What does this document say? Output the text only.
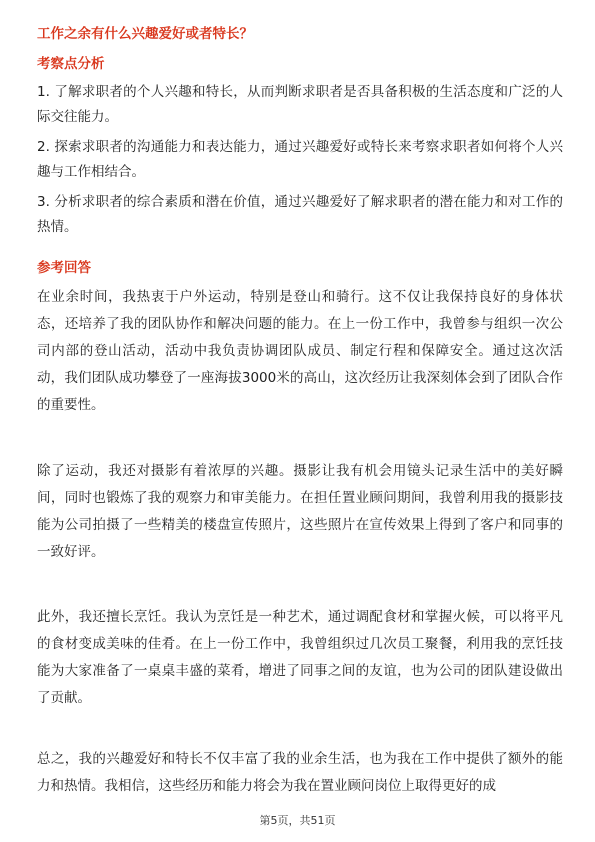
工作之余有什么兴趣爱好或者特长？
考察点分析
1. 了解求职者的个人兴趣和特长，从而判断求职者是否具备积极的生活态度和广泛的人际交往能力。
2. 探索求职者的沟通能力和表达能力，通过兴趣爱好或特长来考察求职者如何将个人兴趣与工作相结合。
3. 分析求职者的综合素质和潜在价值，通过兴趣爱好了解求职者的潜在能力和对工作的热情。
参考回答

在业余时间，我热衷于户外运动，特别是登山和骑行。这不仅让我保持良好的身体状态，还培养了我的团队协作和解决问题的能力。在上一份工作中，我曾参与组织一次公司内部的登山活动，活动中我负责协调团队成员、制定行程和保障安全。通过这次活动，我们团队成功攀登了一座海拔3000米的高山，这次经历让我深刻体会到了团队合作的重要性。

除了运动，我还对摄影有着浓厚的兴趣。摄影让我有机会用镜头记录生活中的美好瞬间，同时也锻炼了我的观察力和审美能力。在担任置业顾问期间，我曾利用我的摄影技能为公司拍摄了一些精美的楼盘宣传照片，这些照片在宣传效果上得到了客户和同事的一致好评。

此外，我还擅长烹饪。我认为烹饪是一种艺术，通过调配食材和掌握火候，可以将平凡的食材变成美味的佳肴。在上一份工作中，我曾组织过几次员工聚餐，利用我的烹饪技能为大家准备了一桌桌丰盛的菜肴，增进了同事之间的友谊，也为公司的团队建设做出了贡献。

总之，我的兴趣爱好和特长不仅丰富了我的业余生活，也为我在工作中提供了额外的能力和热情。我相信，这些经历和能力将会为我在置业顾问岗位上取得更好的成

第5页，共51页
